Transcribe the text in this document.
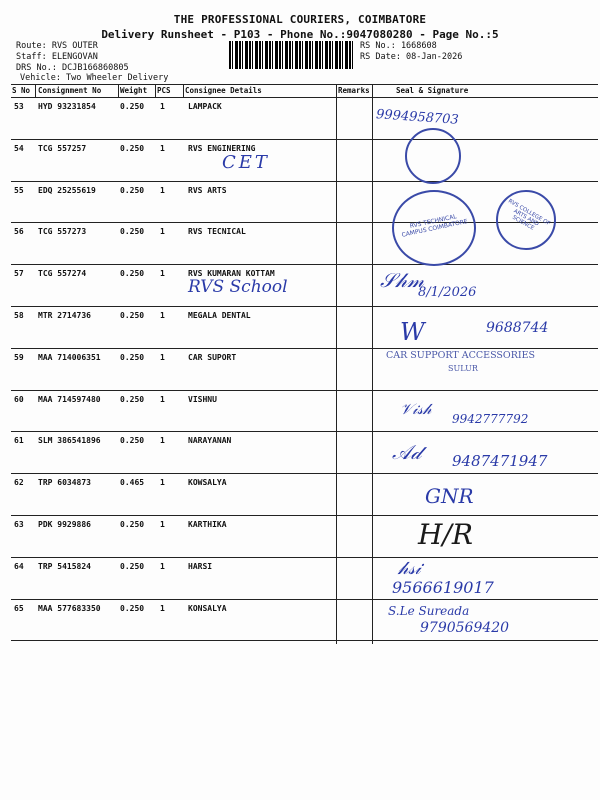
THE PROFESSIONAL COURIERS, COIMBATORE
Delivery Runsheet - P103 - Phone No.:9047080280 - Page No.:5
Route: RVS OUTER
Staff: ELENGOVAN
DRS No.: DCJB166860805
Vehicle: Two Wheeler Delivery
RS No.: 1668608
RS Date: 08-Jan-2026
S No Consignment No	Weight PCS Consignee Details	Remarks	Seal & Signature
53 HYD 93231854	0.250 1	LAMPACK
54 TCG 557257	0.250 1	RVS ENGINERING
55 EDQ 25255619	0.250 1	RVS ARTS
56 TCG 557273	0.250 1	RVS TECNICAL
57 TCG 557274	0.250 1	RVS KUMARAN KOTTAM
58 MTR 2714736	0.250 1	MEGALA DENTAL
59 MAA 714006351 0.250 1	CAR SUPORT
60 MAA 714597480 0.250 1	VISHNU
61 SLM 386541896 0.250 1	NARAYANAN
62 TRP 6034873	0.465 1	KOWSALYA
63 PDK 9929886	0.250 1	KARTHIKA
64 TRP 5415824	0.250 1	HARSI
65 MAA 577683350 0.250 1	KONSALYA
9994958703
CET
RVS TECHNICAL CAMPUS COIMBATORE
RVS COLLEGE OF ARTS AND SCIENCE
RVS School	𝒮𝒽𝓂
8/1/2026
W	9688744
CAR SUPPORT ACCESSORIES
SULUR
𝒱𝒾𝓈𝒽
9942777792
𝒜𝒹 9487471947
GNR
H/R
𝒽𝓈𝒾
9566619017
S.Le Sureada
9790569420
